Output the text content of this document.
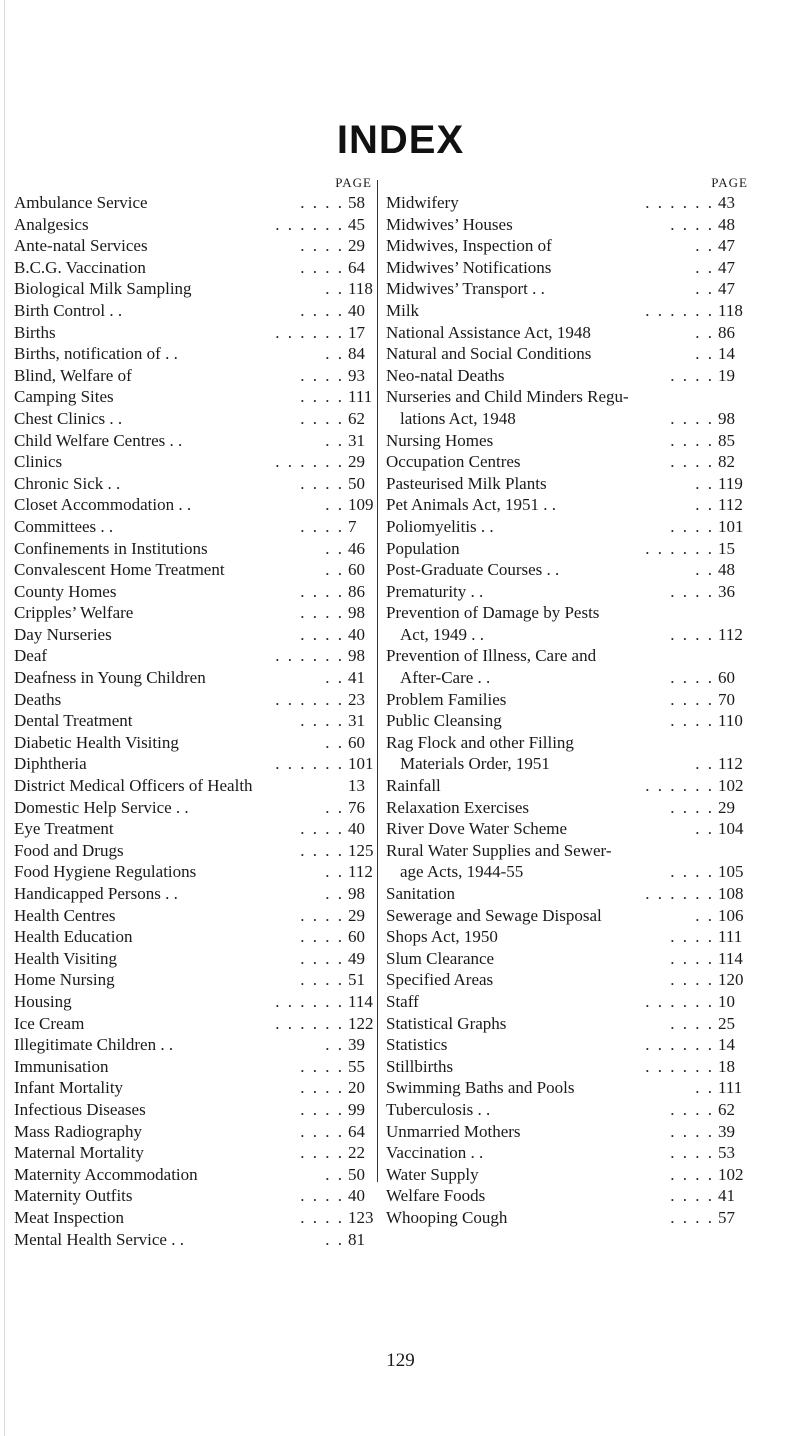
INDEX
PAGE
Ambulance Service	. . . . 58
Analgesics	. . . . . . 45
Ante-natal Services	. . . . 29
B.C.G. Vaccination	. . . . 64
Biological Milk Sampling	. . 118
Birth Control . .	. . . . 40
Births	. . . . . . 17
Births, notification of . .	. . 84
Blind, Welfare of	. . . . 93
Camping Sites	. . . . 111
Chest Clinics . .	. . . . 62
Child Welfare Centres . .	. . 31
Clinics	. . . . . . 29
Chronic Sick . .	. . . . 50
Closet Accommodation . .	. . 109
Committees . .	. . . . 7
Confinements in Institutions	. . 46
Convalescent Home Treatment	. . 60
County Homes	. . . . 86
Cripples’ Welfare	. . . . 98
Day Nurseries	. . . . 40
Deaf	. . . . . . 98
Deafness in Young Children	. . 41
Deaths	. . . . . . 23
Dental Treatment	. . . . 31
Diabetic Health Visiting	. . 60
Diphtheria	. . . . . . 101
District Medical Officers of Health	13
Domestic Help Service . .	. . 76
Eye Treatment	. . . . 40
Food and Drugs	. . . . 125
Food Hygiene Regulations	. . 112
Handicapped Persons . .	. . 98
Health Centres	. . . . 29
Health Education	. . . . 60
Health Visiting	. . . . 49
Home Nursing	. . . . 51
Housing	. . . . . . 114
Ice Cream	. . . . . . 122
Illegitimate Children . .	. . 39
Immunisation	. . . . 55
Infant Mortality	. . . . 20
Infectious Diseases	. . . . 99
Mass Radiography	. . . . 64
Maternal Mortality	. . . . 22
Maternity Accommodation	. . 50
Maternity Outfits	. . . . 40
Meat Inspection	. . . . 123
Mental Health Service . .	. . 81
PAGE
Midwifery	. . . . . . 43
Midwives’ Houses	. . . . 48
Midwives, Inspection of	. . 47
Midwives’ Notifications	. . 47
Midwives’ Transport . .	. . 47
Milk	. . . . . . 118
National Assistance Act, 1948	. . 86
Natural and Social Conditions	. . 14
Neo-natal Deaths	. . . . 19
Nurseries and Child Minders Regu-
lations Act, 1948	. . . . 98
Nursing Homes	. . . . 85
Occupation Centres	. . . . 82
Pasteurised Milk Plants	. . 119
Pet Animals Act, 1951 . .	. . 112
Poliomyelitis . .	. . . . 101
Population	. . . . . . 15
Post-Graduate Courses . .	. . 48
Prematurity . .	. . . . 36
Prevention of Damage by Pests
Act, 1949 . .	. . . . 112
Prevention of Illness, Care and
After-Care . .	. . . . 60
Problem Families	. . . . 70
Public Cleansing	. . . . 110
Rag Flock and other Filling
Materials Order, 1951	. . 112
Rainfall	. . . . . . 102
Relaxation Exercises	. . . . 29
River Dove Water Scheme	. . 104
Rural Water Supplies and Sewer-
age Acts, 1944-55	. . . . 105
Sanitation	. . . . . . 108
Sewerage and Sewage Disposal	. . 106
Shops Act, 1950	. . . . 111
Slum Clearance	. . . . 114
Specified Areas	. . . . 120
Staff	. . . . . . 10
Statistical Graphs	. . . . 25
Statistics	. . . . . . 14
Stillbirths	. . . . . . 18
Swimming Baths and Pools	. . 111
Tuberculosis . .	. . . . 62
Unmarried Mothers	. . . . 39
Vaccination . .	. . . . 53
Water Supply	. . . . 102
Welfare Foods	. . . . 41
Whooping Cough	. . . . 57
129
